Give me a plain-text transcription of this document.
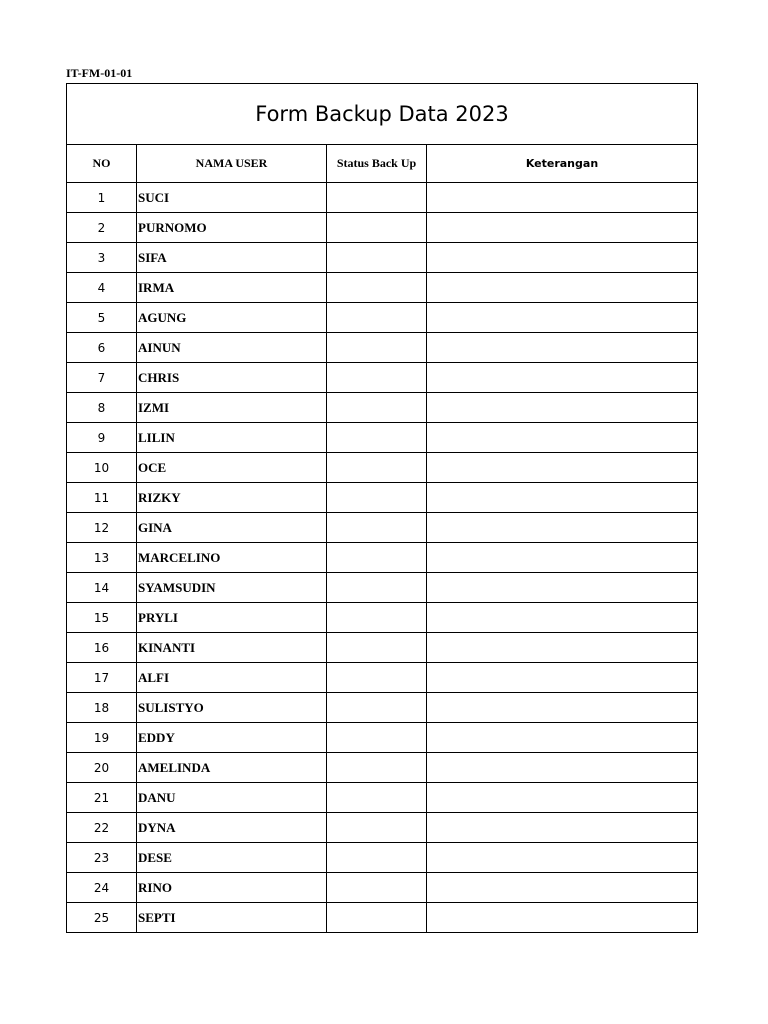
IT-FM-01-01
Form Backup Data 2023			
NO	NAMA USER	Status Back Up	Keterangan
1	SUCI		
2	PURNOMO		
3	SIFA		
4	IRMA		
5	AGUNG		
6	AINUN		
7	CHRIS		
8	IZMI		
9	LILIN		
10	OCE		
11	RIZKY		
12	GINA		
13	MARCELINO		
14	SYAMSUDIN		
15	PRYLI		
16	KINANTI		
17	ALFI		
18	SULISTYO		
19	EDDY		
20	AMELINDA		
21	DANU		
22	DYNA		
23	DESE		
24	RINO		
25	SEPTI		
